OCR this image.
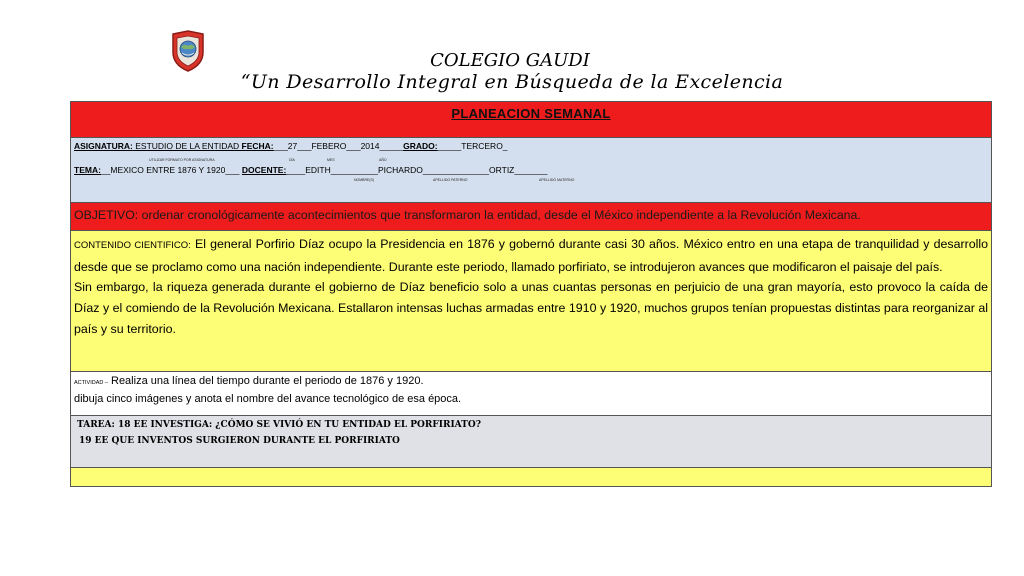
COLEGIO GAUDI
“Un Desarrollo Integral en Búsqueda de la Excelencia
PLANEACION SEMANAL
ASIGNATURA: ESTUDIO DE LA ENTIDAD FECHA:___27___FEBERO___2014_____GRADO:_____TERCERO_
UTILIZAR FORMATO POR ASIGNATURA	DÍA	MES	AÑO
TEMA:__MEXICO ENTRE 1876 Y 1920___ DOCENTE:____EDITH__________PICHARDO______________ORTIZ_______
NOMBRE(S)	APELLIDO PATERNO	APELLIDO MATERNO
OBJETIVO: ordenar cronológicamente acontecimientos que transformaron la entidad, desde el México independiente a la Revolución Mexicana.

CONTENIDO CIENTIFICO: El general Porfirio Díaz ocupo la Presidencia en 1876 y gobernó durante casi 30 años. México entro en una etapa de tranquilidad y desarrollo desde que se proclamo como una nación independiente. Durante este periodo, llamado porfiriato, se introdujeron avances que modificaron el paisaje del país.

Sin embargo, la riqueza generada durante el gobierno de Díaz beneficio solo a unas cuantas personas en perjuicio de una gran mayoría, esto provoco la caída de Díaz y el comiendo de la Revolución Mexicana. Estallaron intensas luchas armadas entre 1910 y 1920, muchos grupos tenían propuestas distintas para reorganizar al país y su territorio.

ACTIVIDAD – Realiza una línea del tiempo durante el periodo de 1876 y 1920.
dibuja cinco imágenes y anota el nombre del avance tecnológico de esa época.
TAREA: 18 EE INVESTIGA: ¿CÓMO SE VIVIÓ EN TU ENTIDAD EL PORFIRIATO?
19 EE QUE INVENTOS SURGIERON DURANTE EL PORFIRIATO
